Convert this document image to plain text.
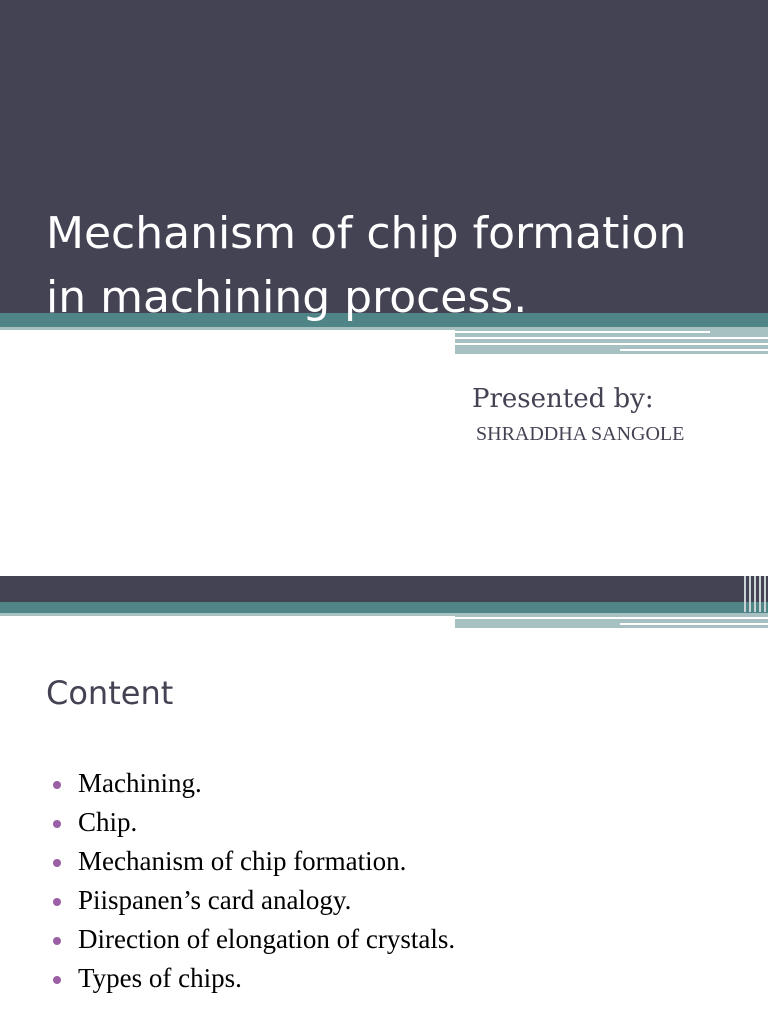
Mechanism of chip formation
in machining process.

Presented by:

SHRADDHA SANGOLE

Content
Machining.
Chip.
Mechanism of chip formation.
Piispanen’s card analogy.
Direction of elongation of crystals.
Types of chips.
